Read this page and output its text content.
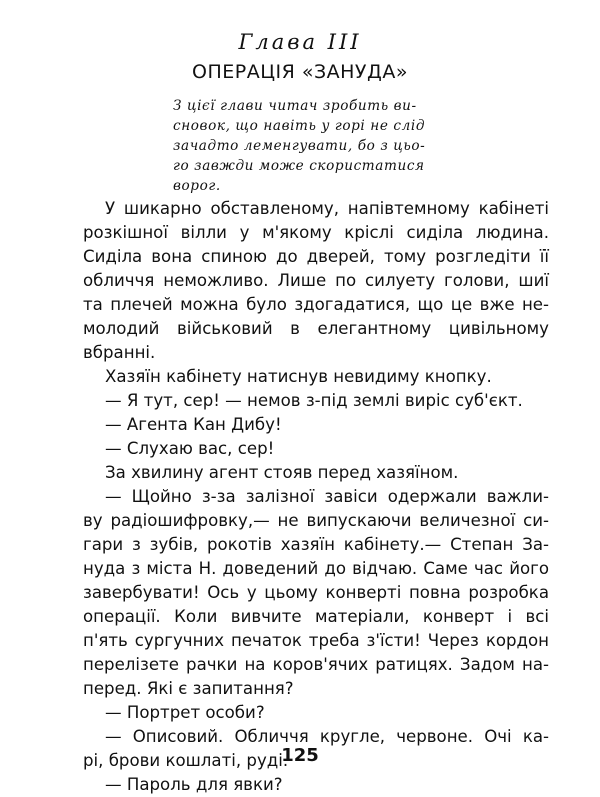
Глава III
ОПЕРАЦІЯ «ЗАНУДА»
З цієї глави читач зробить ви-
сновок, що навіть у горі не слід
зачадто леменгувати, бо з цьо-
го завжди може скористатися
ворог.
У шикарно обставленому, напівтемному кабінеті
розкішної вілли у м'якому кріслі сиділа людина.
Сиділа вона спиною до дверей, тому розгледіти її
обличчя неможливо. Лише по силуету голови, шиї
та плечей можна було здогадатися, що це вже не-
молодий військовий в елегантному цивільному
вбранні.
Хазяїн кабінету натиснув невидиму кнопку.
— Я тут, сер! — немов з-під землі виріс суб'єкт.
— Агента Кан Дибу!
— Слухаю вас, сер!
За хвилину агент стояв перед хазяїном.
— Щойно з-за залізної завіси одержали важли-
ву радіошифровку,— не випускаючи величезної си-
гари з зубів, рокотів хазяїн кабінету.— Степан За-
нуда з міста Н. доведений до відчаю. Саме час його
завербувати! Ось у цьому конверті повна розробка
операції. Коли вивчите матеріали, конверт і всі
п'ять сургучних печаток треба з'їсти! Через кордон
перелізете рачки на коров'ячих ратицях. Задом на-
перед. Які є запитання?
— Портрет особи?
— Описовий. Обличчя кругле, червоне. Очі ка-
рі, брови кошлаті, руді.
— Пароль для явки?
125
